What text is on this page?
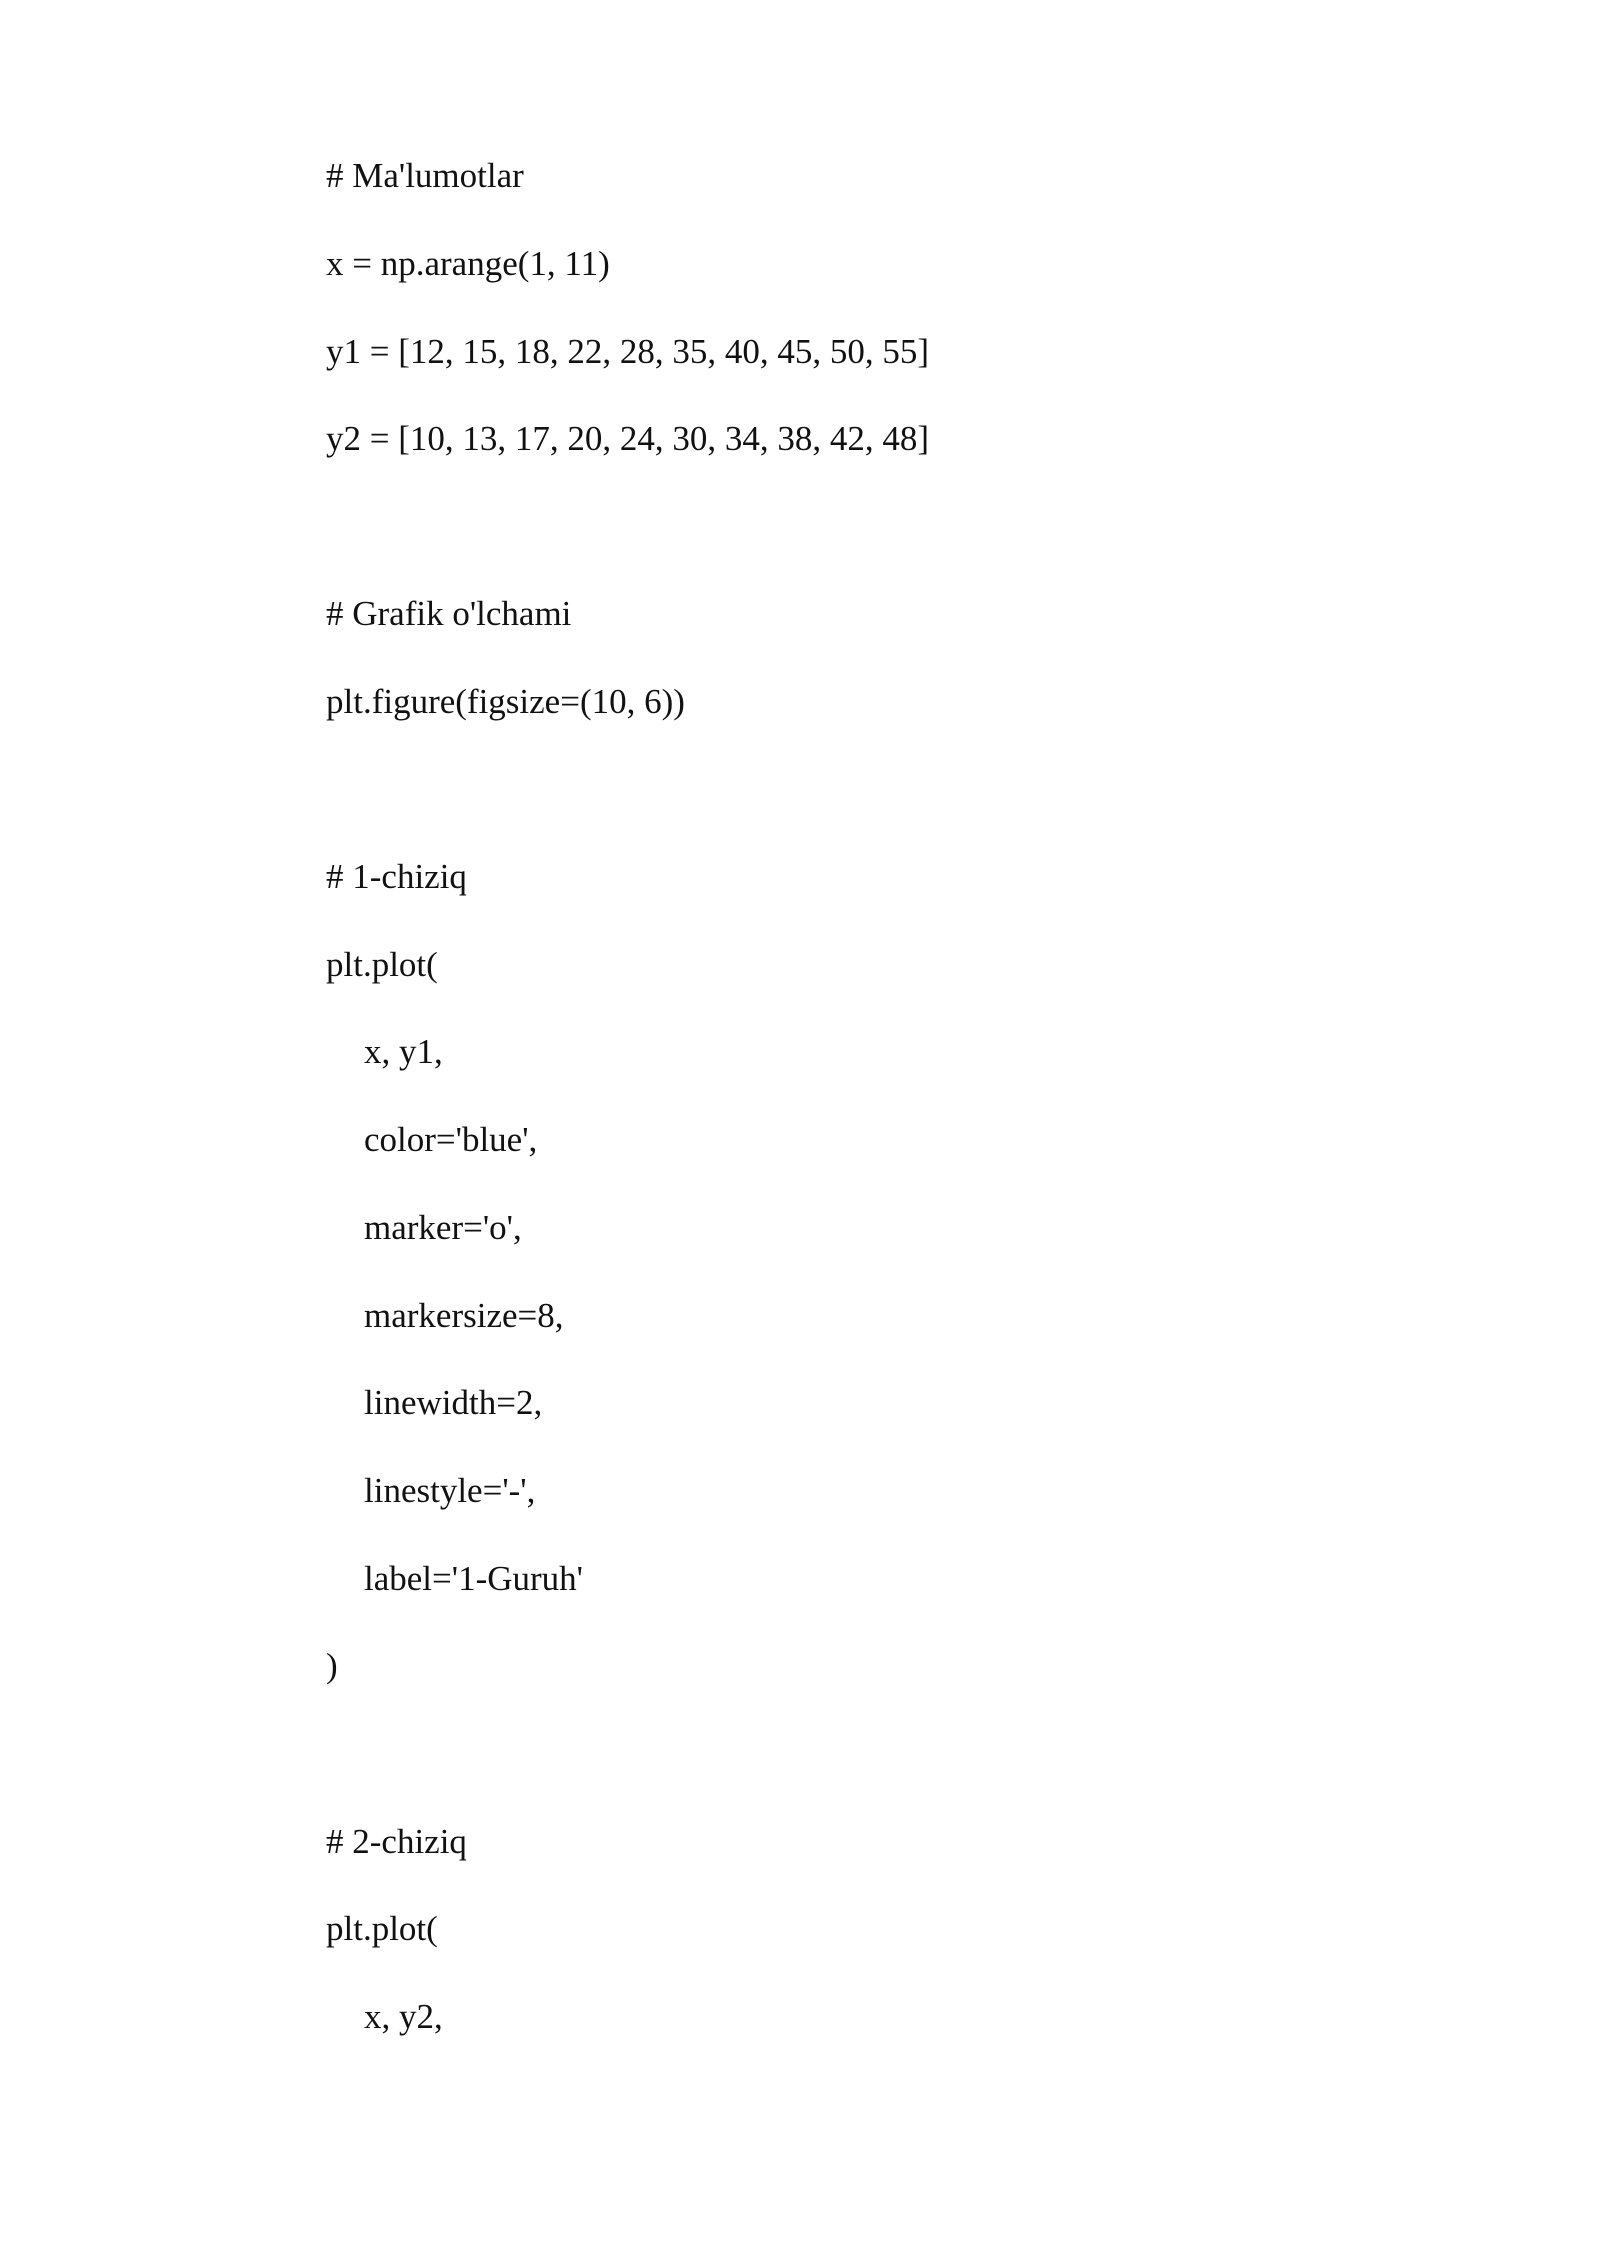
# Ma'lumotlar

x = np.arange(1, 11)

y1 = [12, 15, 18, 22, 28, 35, 40, 45, 50, 55]

y2 = [10, 13, 17, 20, 24, 30, 34, 38, 42, 48]

# Grafik o'lchami

plt.figure(figsize=(10, 6))

# 1-chiziq

plt.plot(

x, y1,

color='blue',

marker='o',

markersize=8,

linewidth=2,

linestyle='-',

label='1-Guruh'

)

# 2-chiziq

plt.plot(

x, y2,
